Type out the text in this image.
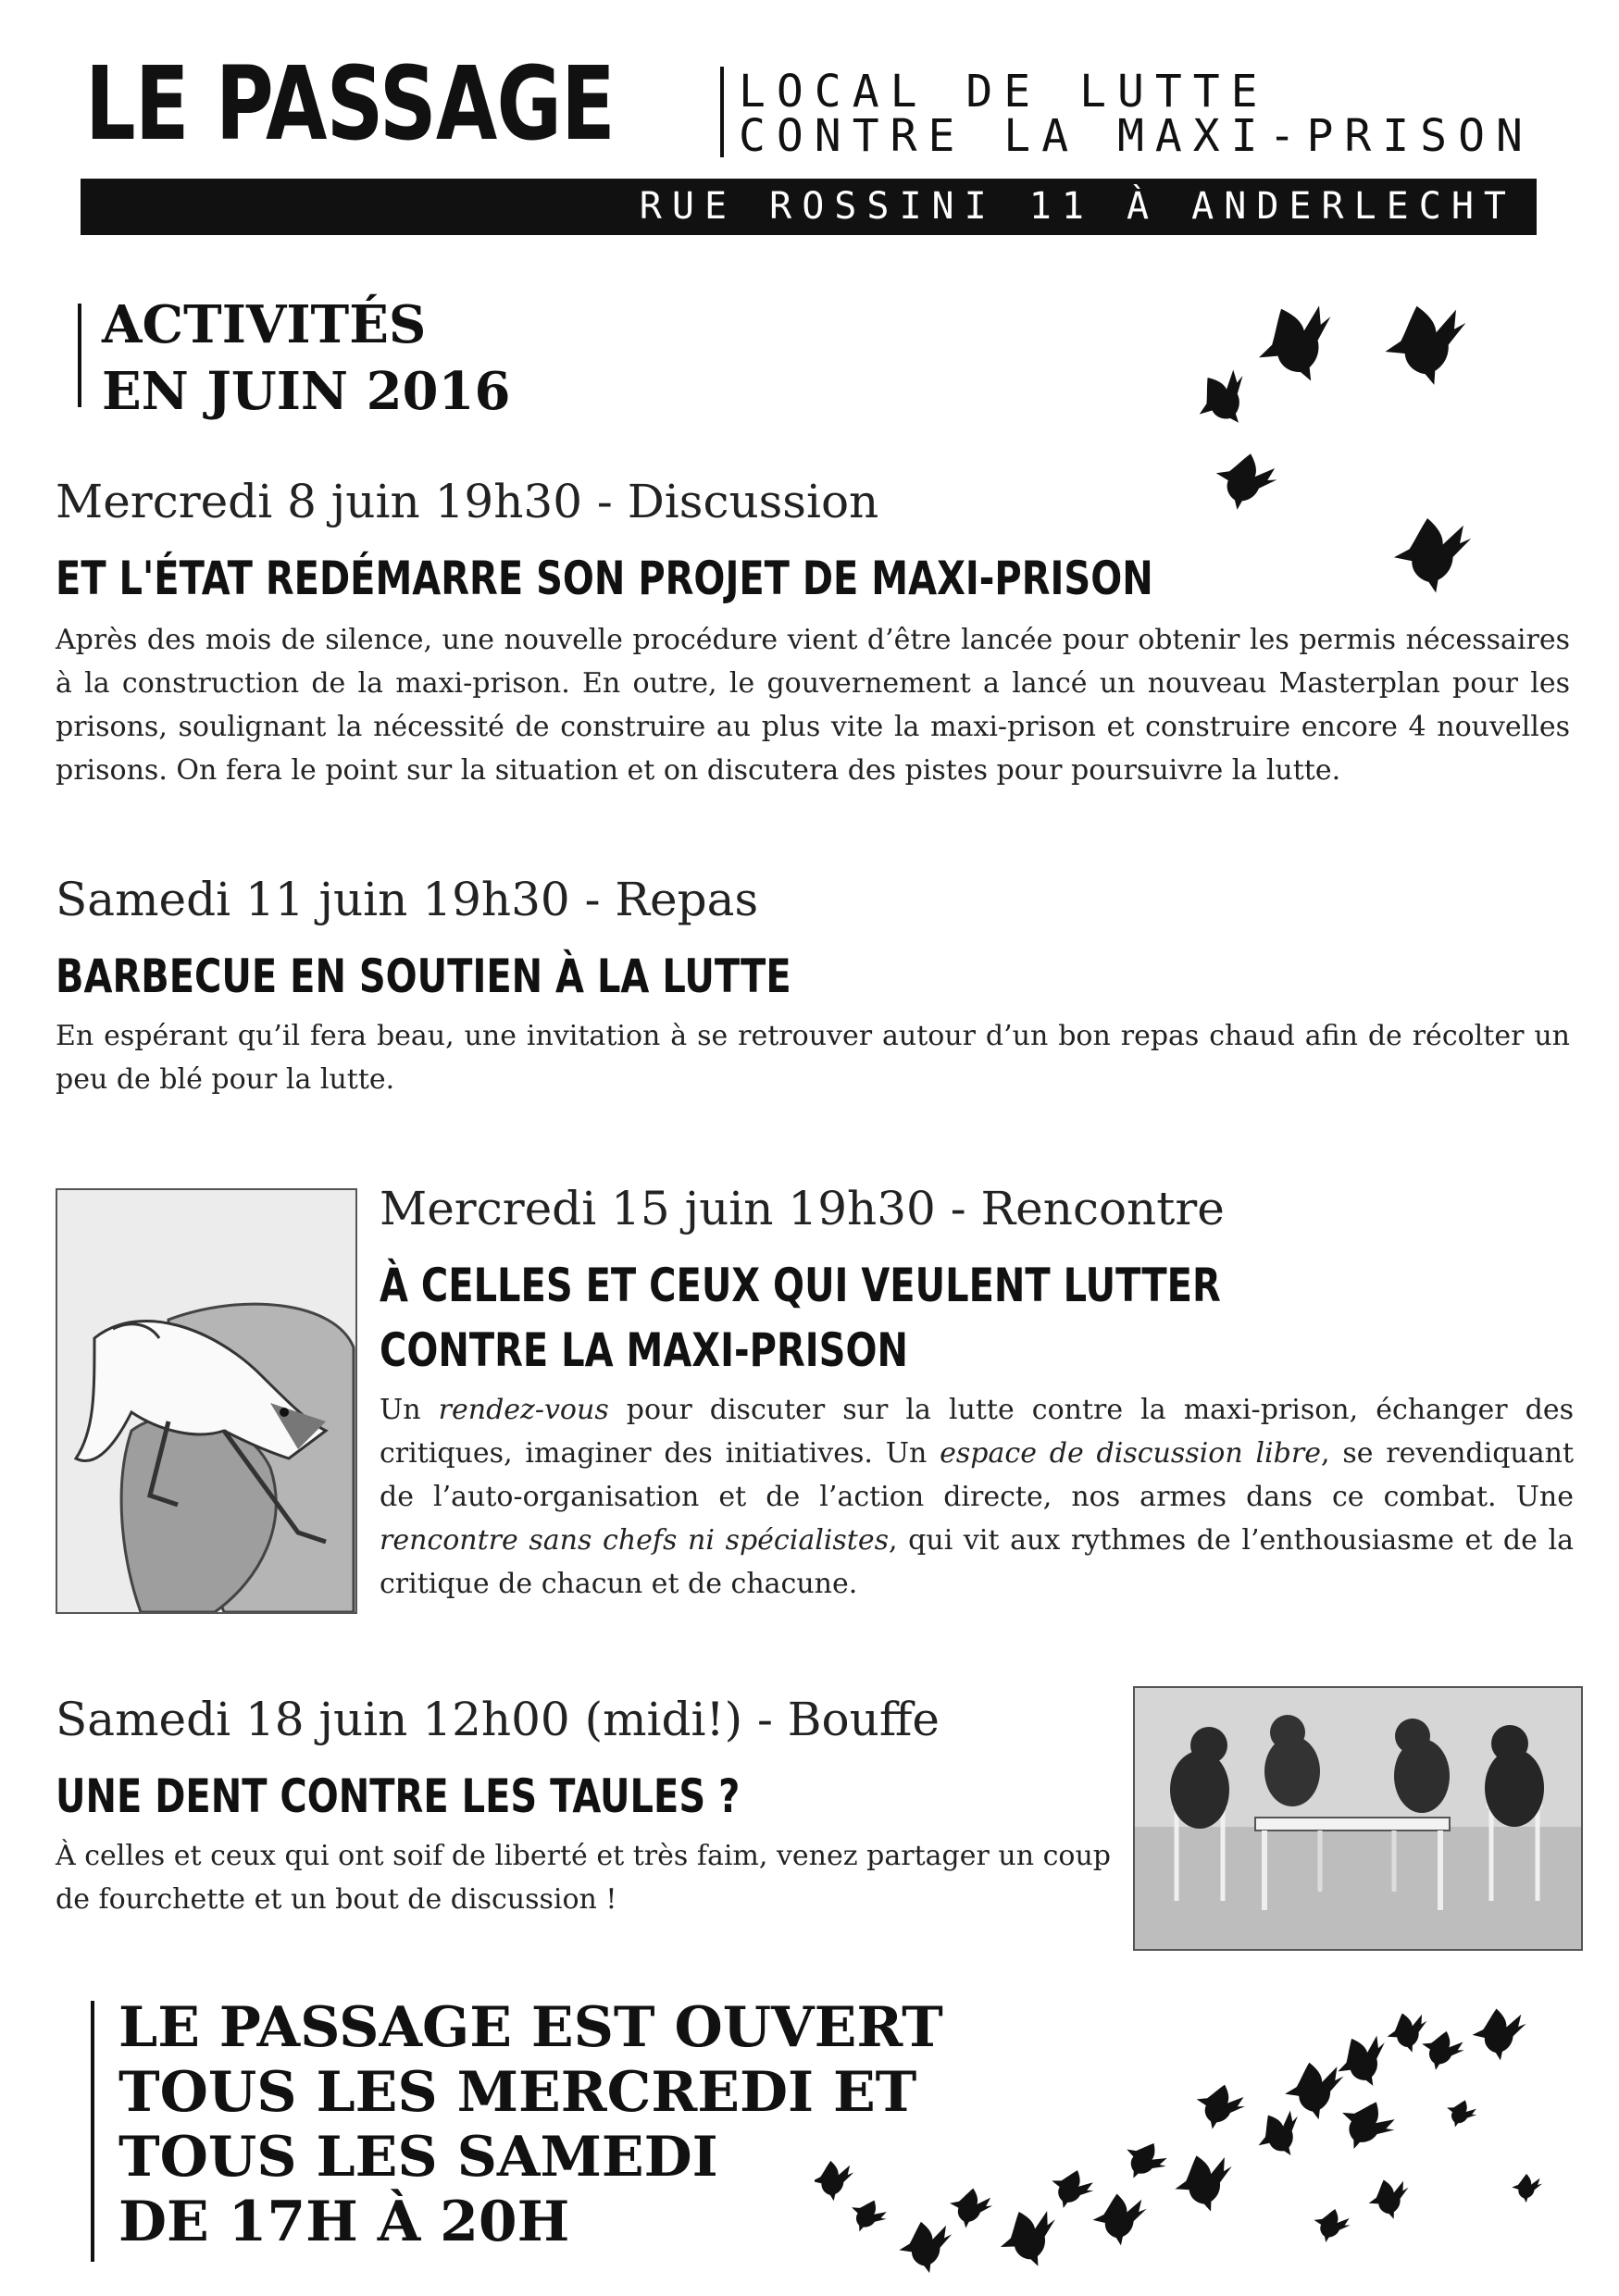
LE PASSAGE	LOCAL DE LUTTE
CONTRE LA MAXI-PRISON
RUE ROSSINI 11 À ANDERLECHT
ACTIVITÉS
EN JUIN 2016
Mercredi 8 juin 19h30 - Discussion
ET L'ÉTAT REDÉMARRE SON PROJET DE MAXI-PRISON

Après des mois de silence, une nouvelle procédure vient d’être lancée pour obtenir les permis nécessaires à la construction de la maxi-prison. En outre, le gouvernement a lancé un nouveau Masterplan pour les prisons, soulignant la nécessité de construire au plus vite la maxi-prison et construire encore 4 nouvelles prisons. On fera le point sur la situation et on discutera des pistes pour poursuivre la lutte.

Samedi 11 juin 19h30 - Repas
BARBECUE EN SOUTIEN À LA LUTTE

En espérant qu’il fera beau, une invitation à se retrouver autour d’un bon repas chaud afin de récolter un peu de blé pour la lutte.

Mercredi 15 juin 19h30 - Rencontre
À CELLES ET CEUX QUI VEULENT LUTTER
CONTRE LA MAXI-PRISON

Un rendez-vous pour discuter sur la lutte contre la maxi-prison, échanger des critiques, imaginer des initiatives. Un espace de discussion libre, se revendiquant de l’auto-organisation et de l’action directe, nos armes dans ce combat. Une rencontre sans chefs ni spécialistes, qui vit aux rythmes de l’enthousiasme et de la critique de chacun et de chacune.

Samedi 18 juin 12h00 (midi!) - Bouffe
UNE DENT CONTRE LES TAULES ?

À celles et ceux qui ont soif de liberté et très faim, venez partager un coup de fourchette et un bout de discussion !

LE PASSAGE EST OUVERT
TOUS LES MERCREDI ET
TOUS LES SAMEDI
DE 17H À 20H
